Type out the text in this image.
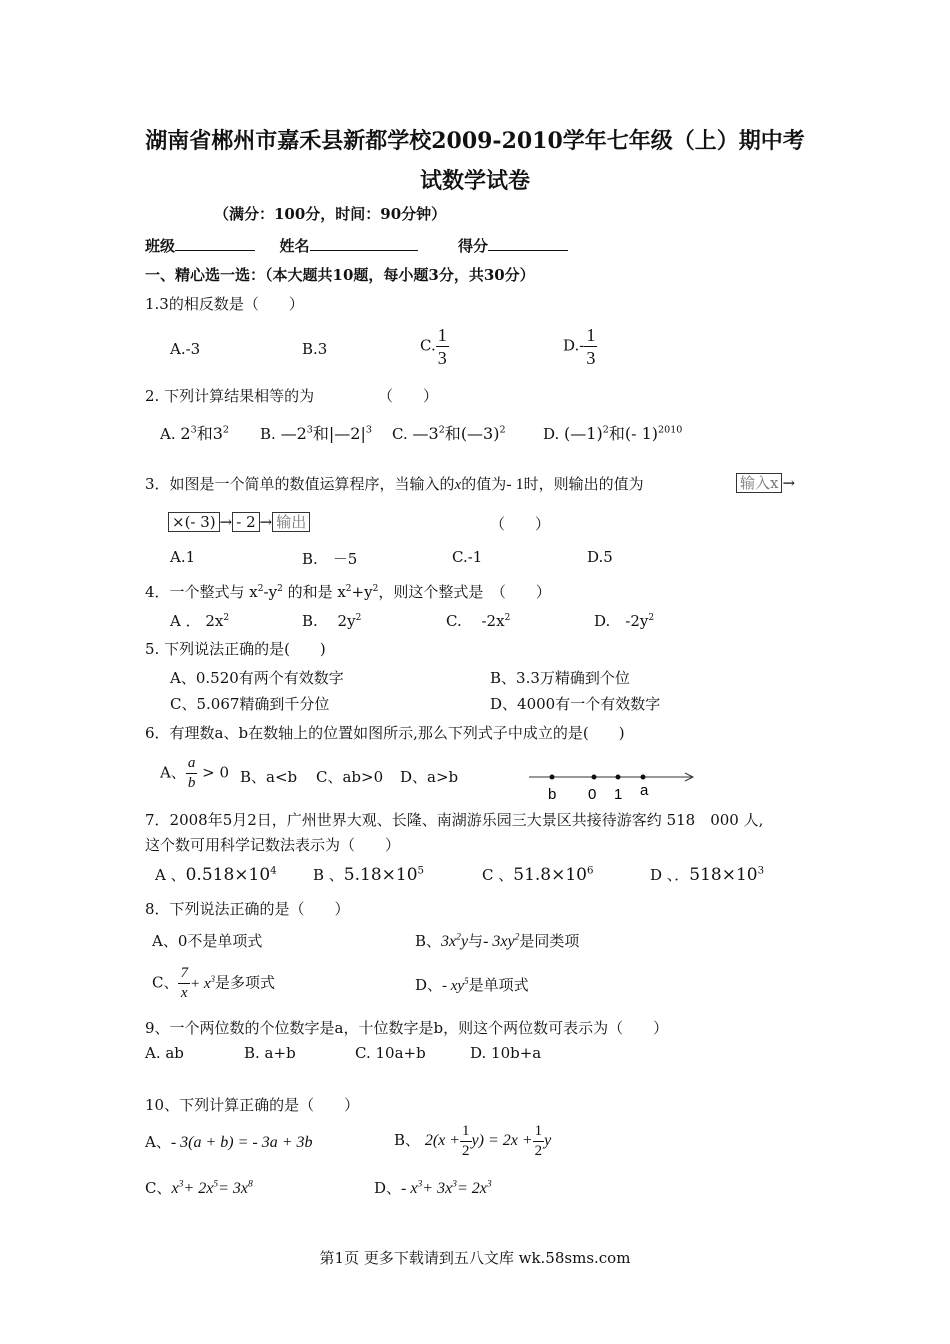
湖南省郴州市嘉禾县新都学校2009-2010学年七年级（上）期中考
试数学试卷
（满分：100分，时间：90分钟）
班级	姓名	得分
一、精心选一选：（本大题共10题，每小题3分，共30分）
1.3的相反数是（　　）
A.-3	B.3	C. $\frac{1}{3}$	$D.- \frac{1}{3}$
2. 下列计算结果相等的为	（　　）
A. $2^3$和$3^2$ B. $—2^3$和$|—2|^3$ C. $—3^2$和(—3)$^2$ D. (—1)$^2$和(- 1)$^{2010}$
3．如图是一个简单的数值运算程序，当输入的x的值为- 1时，则输出的值为	输入x →
×(- 3) → - 2 → 输出	（　　）
A.1	B.　－5	C.-1	D.5
4．一个整式与 $x^2-y^2$ 的和是 $x^2+y^2$，则这个整式是　（　　）
A ． $2x^2$	B.　 $2y^2$	C.　 $-2x^2$	D.　$-2y^2$
5. 下列说法正确的是(　　)
A、0.520有两个有效数字	B、3.3万精确到个位
C、5.067精确到千分位	D、4000有一个有效数字
6．有理数a、b在数轴上的位置如图所示,那么下列式子中成立的是(　　)
A、 $\frac{a}{b} > 0$ B、a<b C、ab>0 D、a>b
b 0 1 a
7．2008年5月2日，广州世界大观、长隆、南湖游乐园三大景区共接待游客约 518　000 人,
这个数可用科学记数法表示为（　　）
A 、$0.518\times 10^4$ B 、$5.18\times 10^5$	C 、$51.8\times 10^6$	D 、．$518\times 10^3$
8．下列说法正确的是（　　）
A、0不是单项式	B、$3x^2y$与- $3xy^2$是同类项
C、 $\frac{7}{x} + x^3$是多项式	D、- $xy^5$是单项式
9、一个两位数的个位数字是a，十位数字是b，则这个两位数可表示为（　　）
A. ab	B. a+b	C. 10a+b	D. 10b+a
10、下列计算正确的是（　　）
A、- 3(a + b) = - 3a + 3b	B、 $2(x + \frac{1}{2} y) = 2x + \frac{1}{2}$ y
C、$x^3+ 2x^5= 3x^8$	D、- $x^3+ 3x^3= 2x^3$
第1页 更多下载请到五八文库 wk.58sms.com
